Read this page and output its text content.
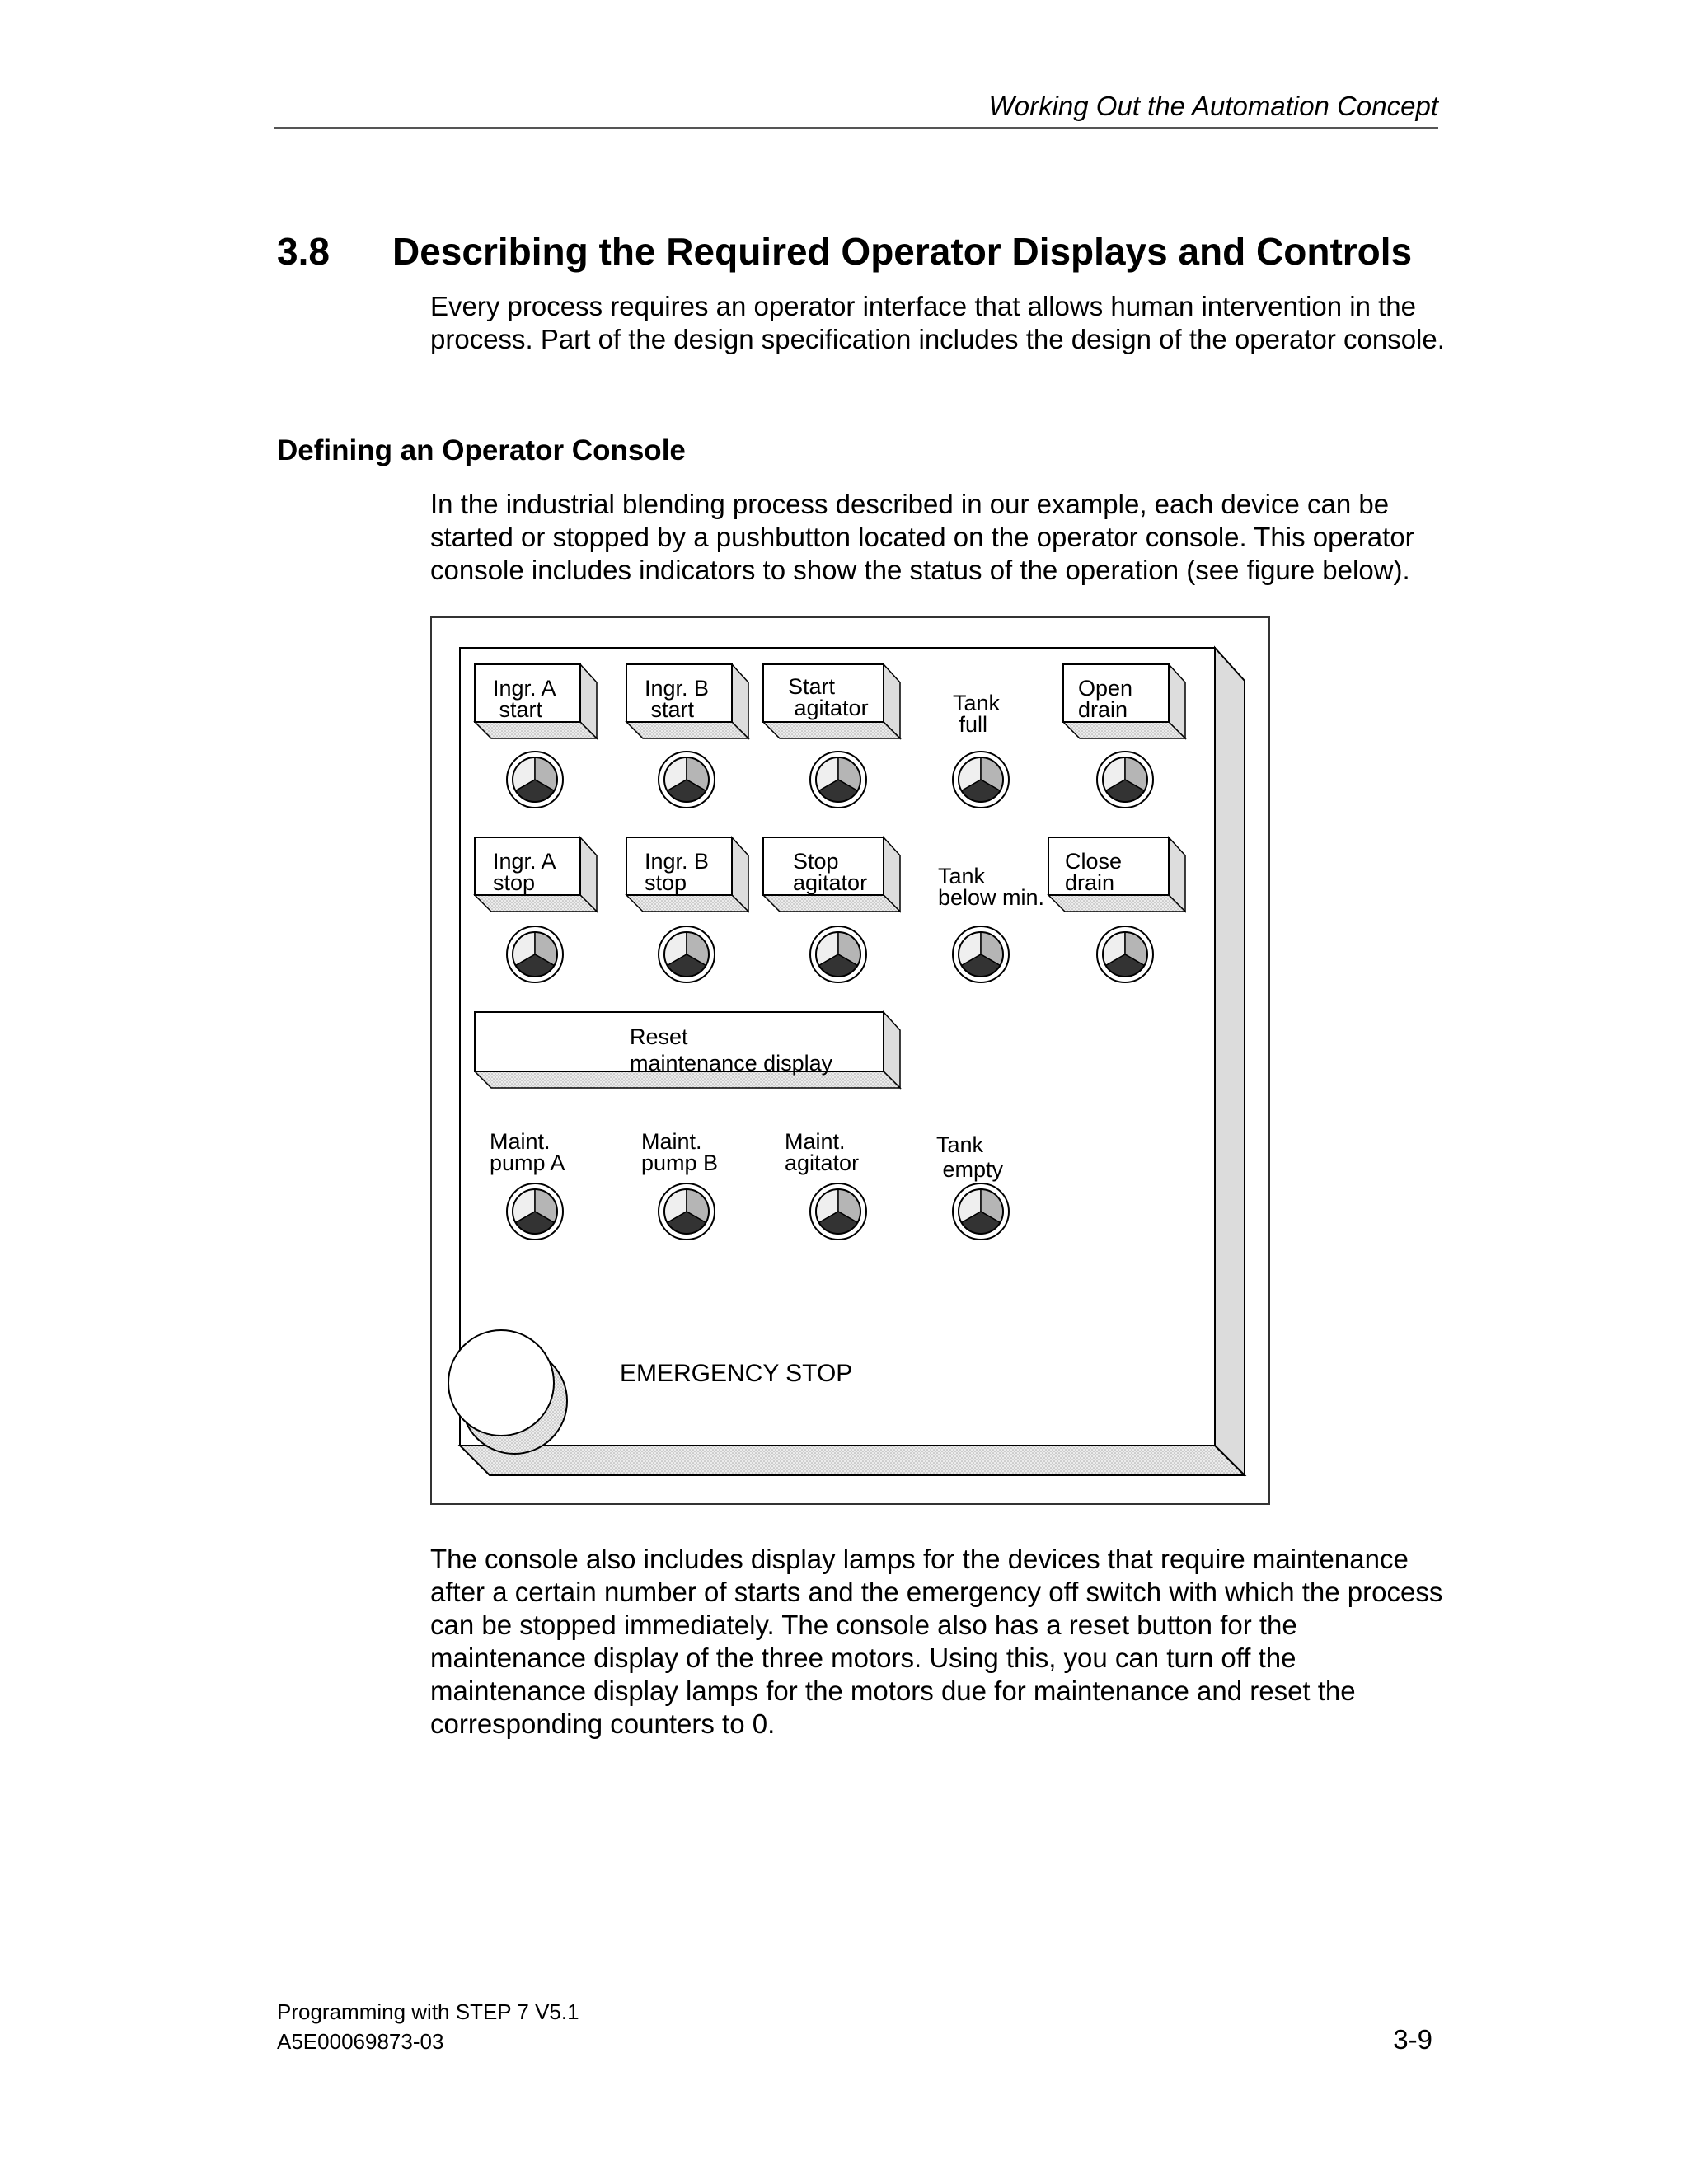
Working Out the Automation Concept
3.8 Describing the Required Operator Displays and Controls

Every process requires an operator interface that allows human intervention in the process. Part of the design specification includes the design of the operator console.

Defining an Operator Console

In the industrial blending process described in our example, each device can be started or stopped by a pushbutton located on the operator console. This operator console includes indicators to show the status of the operation (see figure below).

Ingr. A
start
Ingr. B
start
Start
agitator	Tank
full
Open
drain
Ingr. A
stop
Ingr. B
stop
Stop
agitator	Tank
below min.
Close
drain
Reset
maintenance display
Maint.
pump A
Maint.
pump B
Maint.
agitator
Tank
empty
EMERGENCY STOP

The console also includes display lamps for the devices that require maintenance after a certain number of starts and the emergency off switch with which the process can be stopped immediately. The console also has a reset button for the maintenance display of the three motors. Using this, you can turn off the maintenance display lamps for the motors due for maintenance and reset the corresponding counters to 0.

Programming with STEP 7 V5.1
A5E00069873-03	3-9
